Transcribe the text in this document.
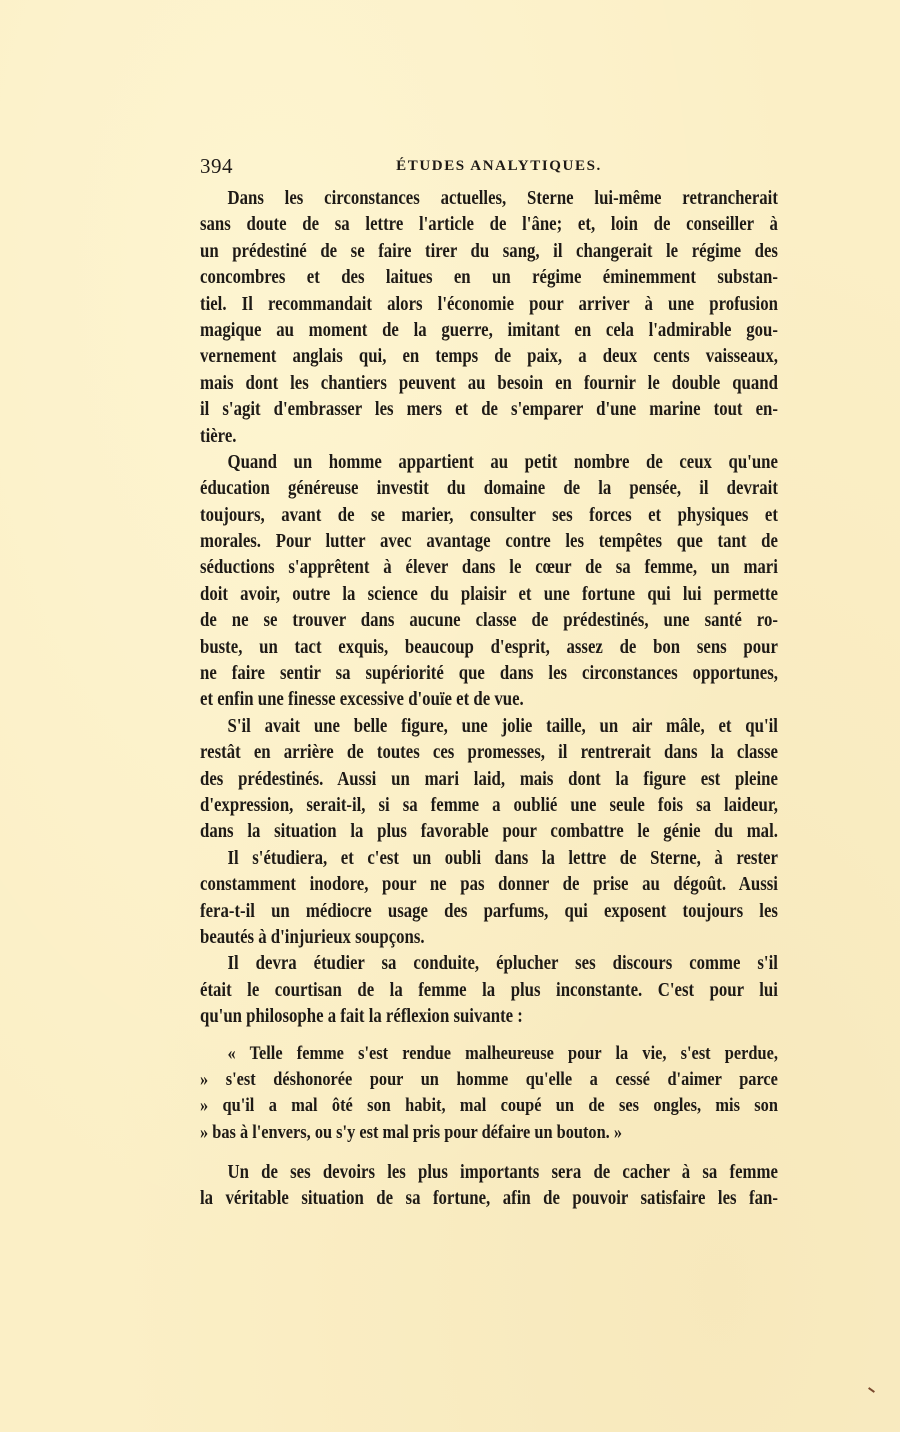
394	ÉTUDES ANALYTIQUES.
Dans les circonstances actuelles, Sterne lui-même retrancherait
sans doute de sa lettre l'article de l'âne; et, loin de conseiller à
un prédestiné de se faire tirer du sang, il changerait le régime des
concombres et des laitues en un régime éminemment substan-
tiel. Il recommandait alors l'économie pour arriver à une profusion
magique au moment de la guerre, imitant en cela l'admirable gou-
vernement anglais qui, en temps de paix, a deux cents vaisseaux,
mais dont les chantiers peuvent au besoin en fournir le double quand
il s'agit d'embrasser les mers et de s'emparer d'une marine tout en-
tière.
Quand un homme appartient au petit nombre de ceux qu'une
éducation généreuse investit du domaine de la pensée, il devrait
toujours, avant de se marier, consulter ses forces et physiques et
morales. Pour lutter avec avantage contre les tempêtes que tant de
séductions s'apprêtent à élever dans le cœur de sa femme, un mari
doit avoir, outre la science du plaisir et une fortune qui lui permette
de ne se trouver dans aucune classe de prédestinés, une santé ro-
buste, un tact exquis, beaucoup d'esprit, assez de bon sens pour
ne faire sentir sa supériorité que dans les circonstances opportunes,
et enfin une finesse excessive d'ouïe et de vue.
S'il avait une belle figure, une jolie taille, un air mâle, et qu'il
restât en arrière de toutes ces promesses, il rentrerait dans la classe
des prédestinés. Aussi un mari laid, mais dont la figure est pleine
d'expression, serait-il, si sa femme a oublié une seule fois sa laideur,
dans la situation la plus favorable pour combattre le génie du mal.
Il s'étudiera, et c'est un oubli dans la lettre de Sterne, à rester
constamment inodore, pour ne pas donner de prise au dégoût. Aussi
fera-t-il un médiocre usage des parfums, qui exposent toujours les
beautés à d'injurieux soupçons.
Il devra étudier sa conduite, éplucher ses discours comme s'il
était le courtisan de la femme la plus inconstante. C'est pour lui
qu'un philosophe a fait la réflexion suivante :
« Telle femme s'est rendue malheureuse pour la vie, s'est perdue,
» s'est déshonorée pour un homme qu'elle a cessé d'aimer parce
» qu'il a mal ôté son habit, mal coupé un de ses ongles, mis son
» bas à l'envers, ou s'y est mal pris pour défaire un bouton. »
Un de ses devoirs les plus importants sera de cacher à sa femme
la véritable situation de sa fortune, afin de pouvoir satisfaire les fan-
